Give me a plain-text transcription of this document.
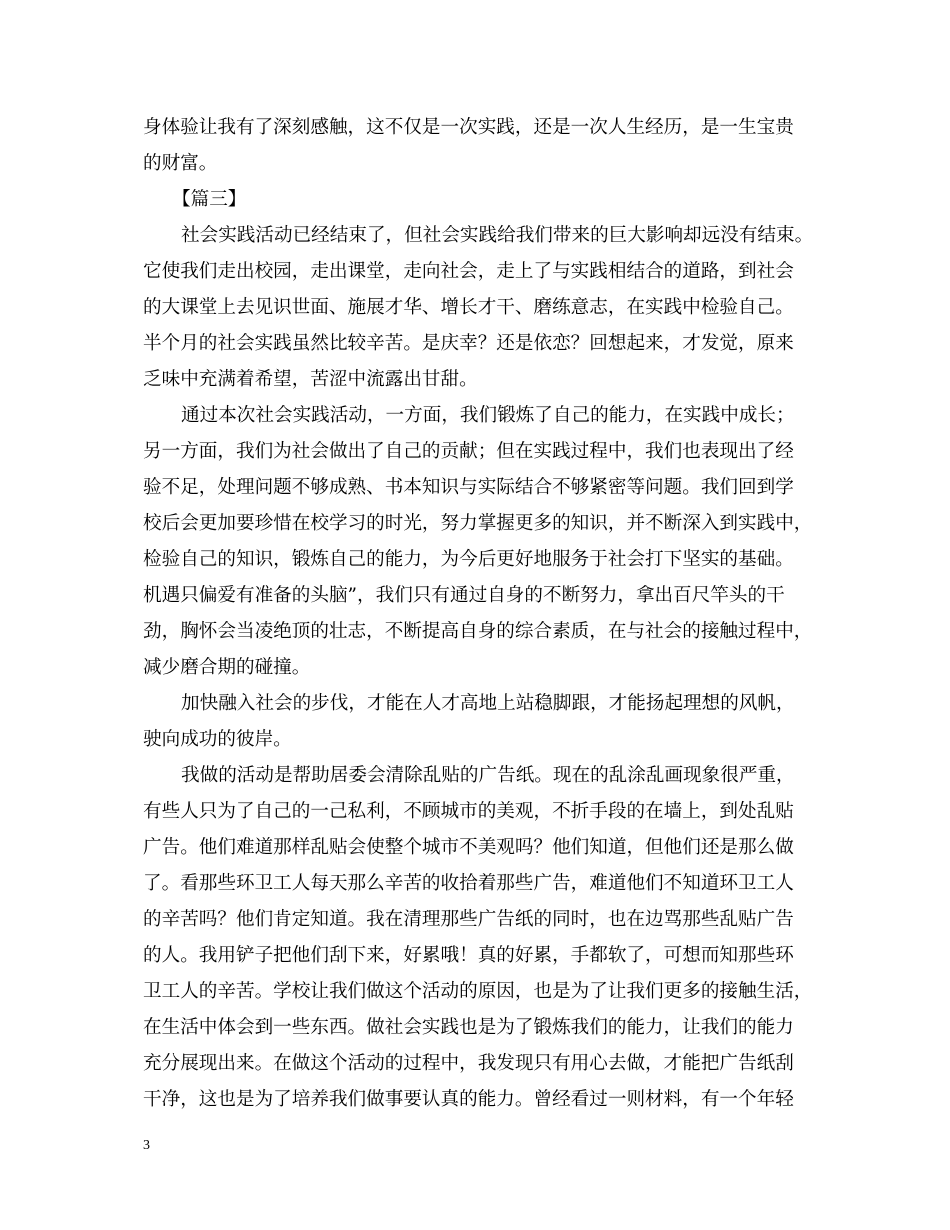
身体验让我有了深刻感触，这不仅是一次实践，还是一次人生经历，是一生宝贵
的财富。
【篇三】
社会实践活动已经结束了，但社会实践给我们带来的巨大影响却远没有结束。
它使我们走出校园，走出课堂，走向社会，走上了与实践相结合的道路，到社会
的大课堂上去见识世面、施展才华、增长才干、磨练意志，在实践中检验自己。
半个月的社会实践虽然比较辛苦。是庆幸？还是依恋？回想起来，才发觉，原来
乏味中充满着希望，苦涩中流露出甘甜。
通过本次社会实践活动，一方面，我们锻炼了自己的能力，在实践中成长；
另一方面，我们为社会做出了自己的贡献；但在实践过程中，我们也表现出了经
验不足，处理问题不够成熟、书本知识与实际结合不够紧密等问题。我们回到学
校后会更加要珍惜在校学习的时光，努力掌握更多的知识，并不断深入到实践中，
检验自己的知识，锻炼自己的能力，为今后更好地服务于社会打下坚实的基础。
机遇只偏爱有准备的头脑”，我们只有通过自身的不断努力，拿出百尺竿头的干
劲，胸怀会当凌绝顶的壮志，不断提高自身的综合素质，在与社会的接触过程中，
减少磨合期的碰撞。
加快融入社会的步伐，才能在人才高地上站稳脚跟，才能扬起理想的风帆，
驶向成功的彼岸。
我做的活动是帮助居委会清除乱贴的广告纸。现在的乱涂乱画现象很严重，
有些人只为了自己的一己私利，不顾城市的美观，不折手段的在墙上，到处乱贴
广告。他们难道那样乱贴会使整个城市不美观吗？他们知道，但他们还是那么做
了。看那些环卫工人每天那么辛苦的收拾着那些广告，难道他们不知道环卫工人
的辛苦吗？他们肯定知道。我在清理那些广告纸的同时，也在边骂那些乱贴广告
的人。我用铲子把他们刮下来，好累哦！真的好累，手都软了，可想而知那些环
卫工人的辛苦。学校让我们做这个活动的原因，也是为了让我们更多的接触生活，
在生活中体会到一些东西。做社会实践也是为了锻炼我们的能力，让我们的能力
充分展现出来。在做这个活动的过程中，我发现只有用心去做，才能把广告纸刮
干净，这也是为了培养我们做事要认真的能力。曾经看过一则材料，有一个年轻
3
